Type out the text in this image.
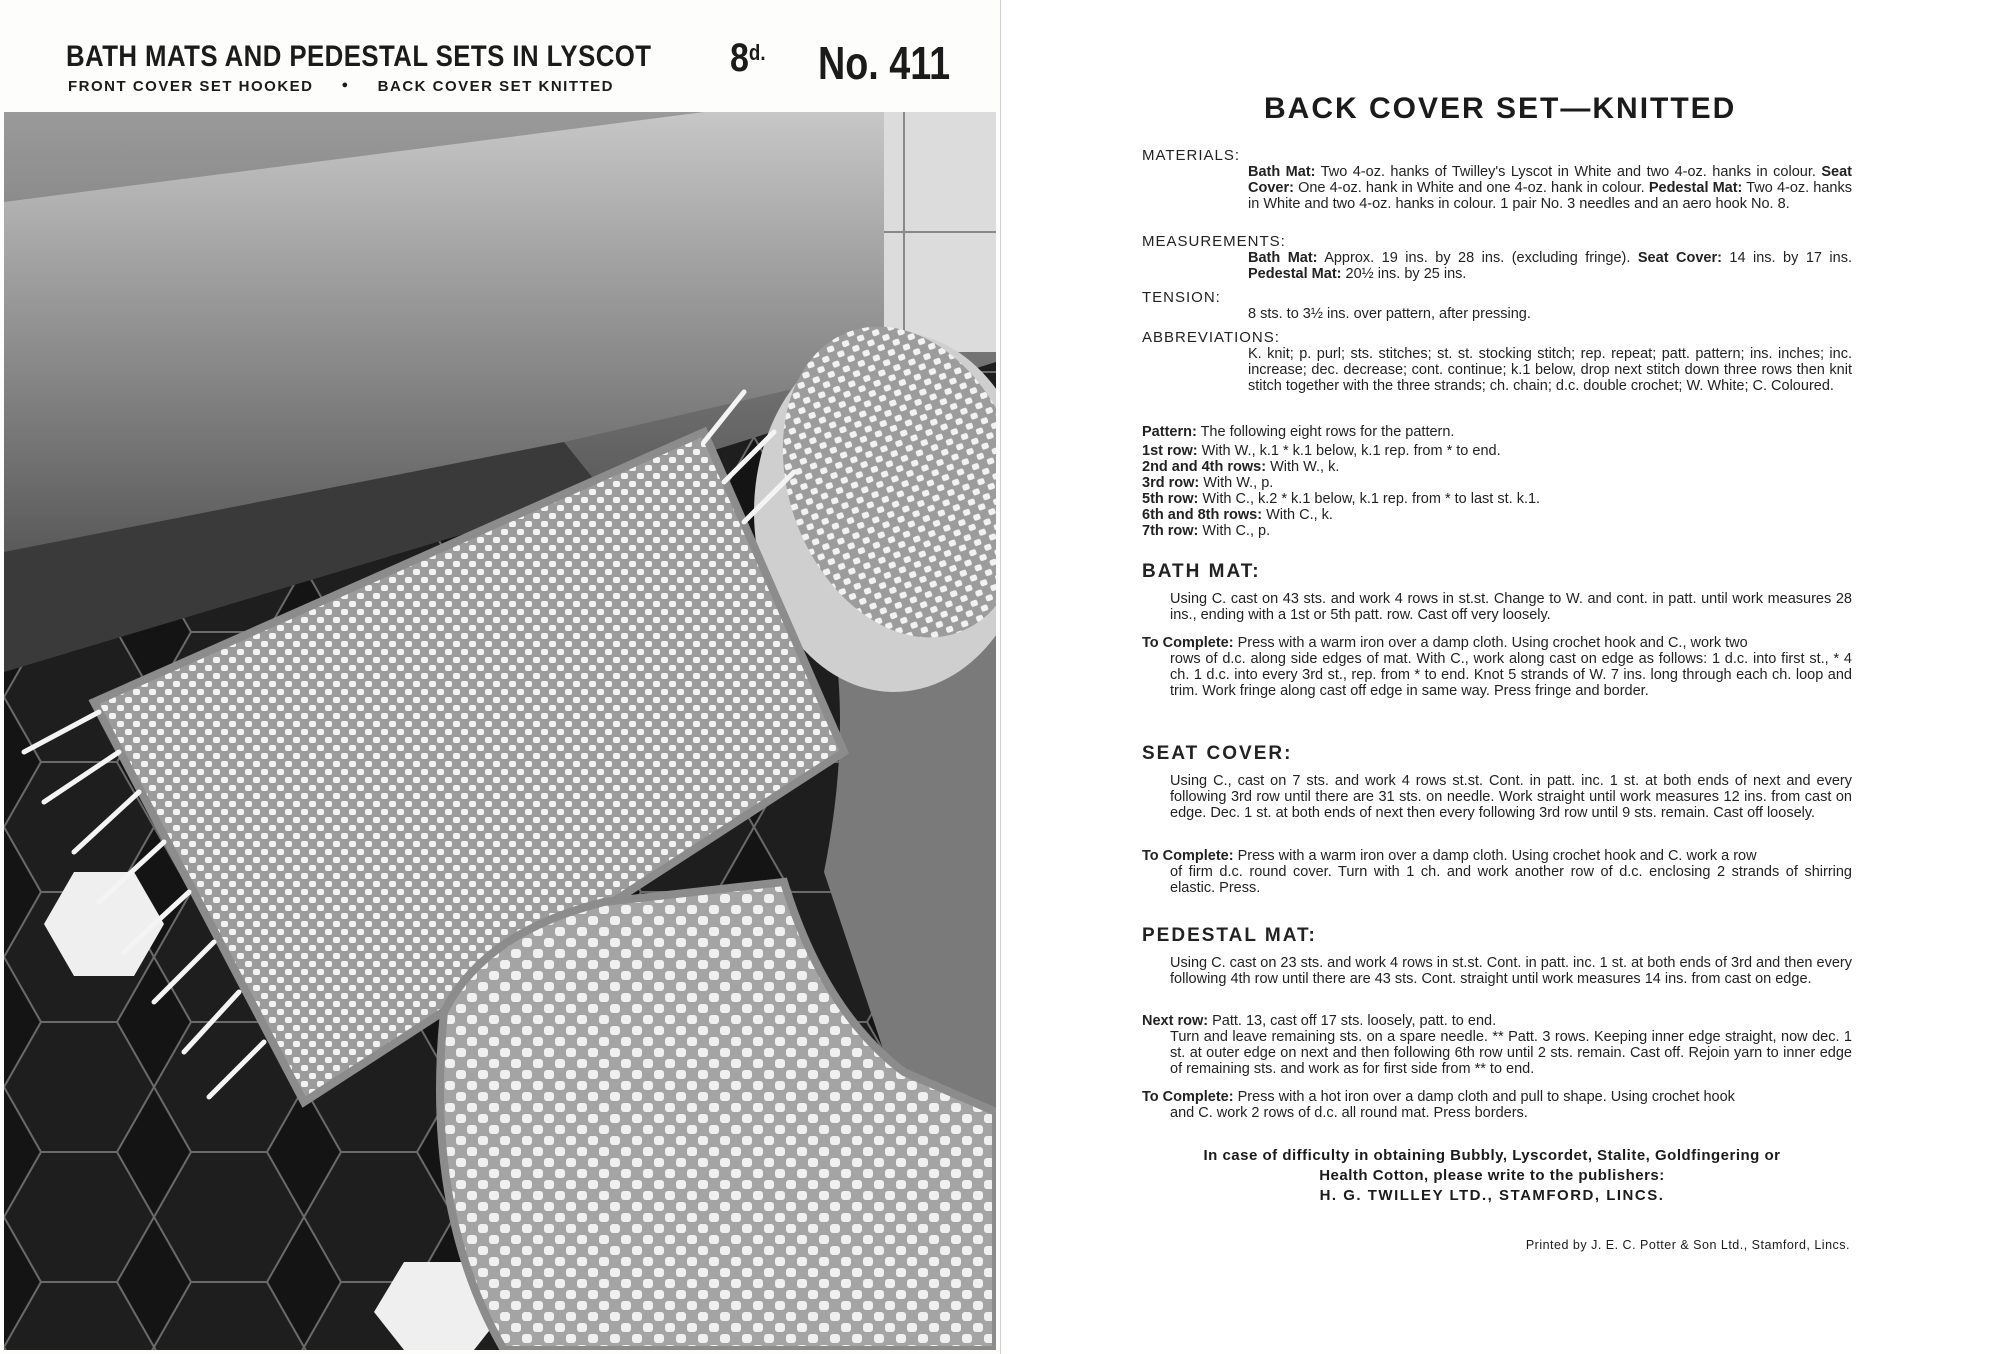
BATH MATS AND PEDESTAL SETS IN LYSCOT
FRONT COVER SET HOOKED	● BACK COVER SET KNITTED
$8^{d.}$ No. 411
BACK COVER SET—KNITTED
MATERIALS:
Bath Mat: Two 4-oz. hanks of Twilley's Lyscot in White and two 4-oz. hanks in colour. Seat Cover: One 4-oz. hank in White and one 4-oz. hank in colour. Pedestal Mat: Two 4-oz. hanks in White and two 4-oz. hanks in colour. 1 pair No. 3 needles and an aero hook No. 8.
MEASUREMENTS:
Bath Mat: Approx. 19 ins. by 28 ins. (excluding fringe). Seat Cover: 14 ins. by 17 ins. Pedestal Mat: 20½ ins. by 25 ins.
TENSION:
8 sts. to 3½ ins. over pattern, after pressing.
ABBREVIATIONS:
K. knit; p. purl; sts. stitches; st. st. stocking stitch; rep. repeat; patt. pattern; ins. inches; inc. increase; dec. decrease; cont. continue; k.1 below, drop next stitch down three rows then knit stitch together with the three strands; ch. chain; d.c. double crochet; W. White; C. Coloured.
Pattern: The following eight rows for the pattern.
1st row: With W., k.1 * k.1 below, k.1 rep. from * to end.
2nd and 4th rows: With W., k.
3rd row: With W., p.
5th row: With C., k.2 * k.1 below, k.1 rep. from * to last st. k.1.
6th and 8th rows: With C., k.
7th row: With C., p.
BATH MAT:
Using C. cast on 43 sts. and work 4 rows in st.st. Change to W. and cont. in patt. until work measures 28 ins., ending with a 1st or 5th patt. row. Cast off very loosely.
To Complete: Press with a warm iron over a damp cloth. Using crochet hook and C., work two
rows of d.c. along side edges of mat. With C., work along cast on edge as follows: 1 d.c. into first st., * 4 ch. 1 d.c. into every 3rd st., rep. from * to end. Knot 5 strands of W. 7 ins. long through each ch. loop and trim. Work fringe along cast off edge in same way. Press fringe and border.
SEAT COVER:
Using C., cast on 7 sts. and work 4 rows st.st. Cont. in patt. inc. 1 st. at both ends of next and every following 3rd row until there are 31 sts. on needle. Work straight until work measures 12 ins. from cast on edge. Dec. 1 st. at both ends of next then every following 3rd row until 9 sts. remain. Cast off loosely.
To Complete: Press with a warm iron over a damp cloth. Using crochet hook and C. work a row
of firm d.c. round cover. Turn with 1 ch. and work another row of d.c. enclosing 2 strands of shirring elastic. Press.
PEDESTAL MAT:
Using C. cast on 23 sts. and work 4 rows in st.st. Cont. in patt. inc. 1 st. at both ends of 3rd and then every following 4th row until there are 43 sts. Cont. straight until work measures 14 ins. from cast on edge.
Next row: Patt. 13, cast off 17 sts. loosely, patt. to end.
Turn and leave remaining sts. on a spare needle. ** Patt. 3 rows. Keeping inner edge straight, now dec. 1 st. at outer edge on next and then following 6th row until 2 sts. remain. Cast off. Rejoin yarn to inner edge of remaining sts. and work as for first side from ** to end.
To Complete: Press with a hot iron over a damp cloth and pull to shape. Using crochet hook
and C. work 2 rows of d.c. all round mat. Press borders.
In case of difficulty in obtaining Bubbly, Lyscordet, Stalite, Goldfingering or
Health Cotton, please write to the publishers:
H. G. TWILLEY LTD., STAMFORD, LINCS.
Printed by J. E. C. Potter & Son Ltd., Stamford, Lincs.
